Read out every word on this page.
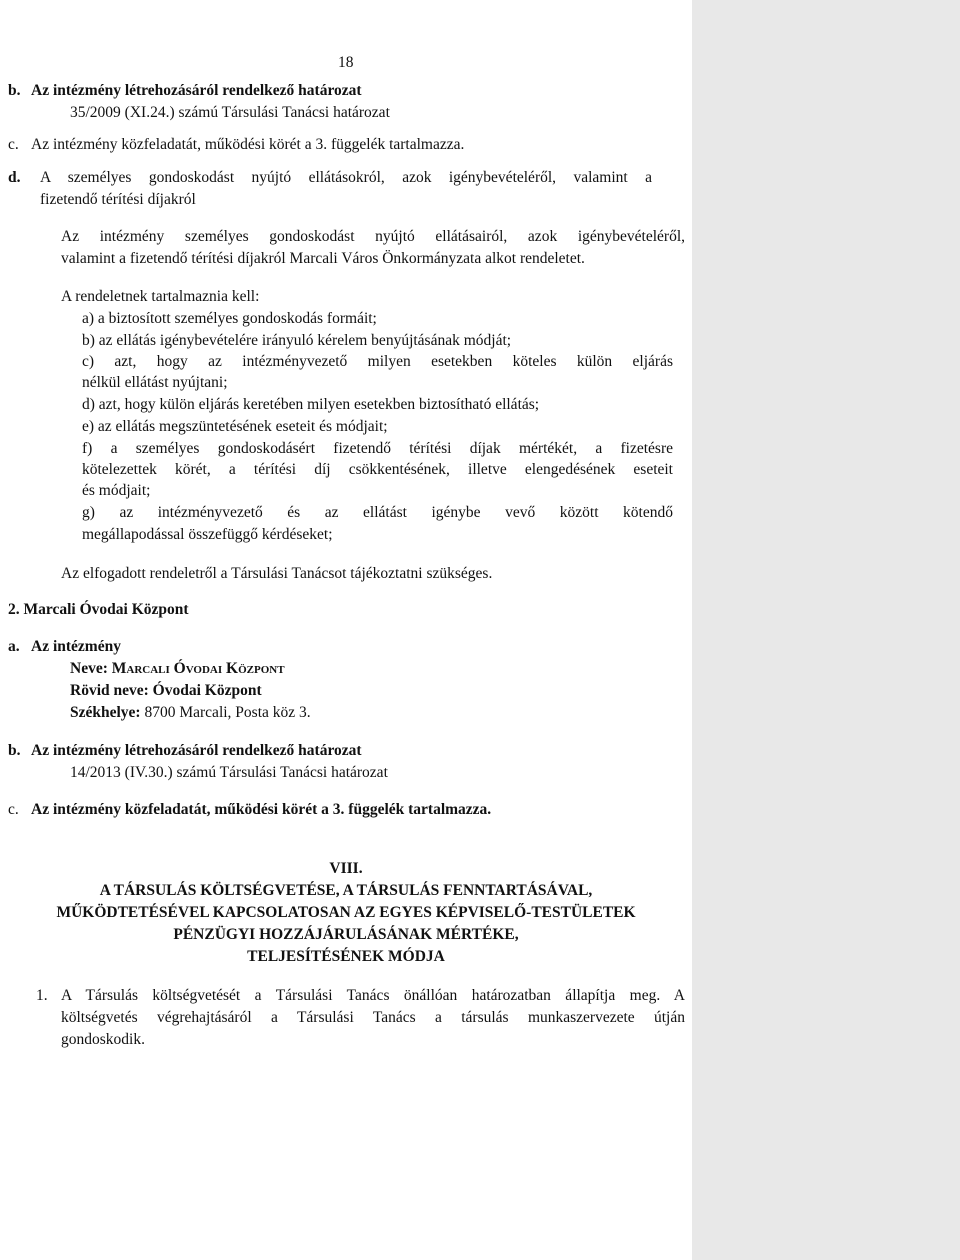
18
b. Az intézmény létrehozásáról rendelkező határozat
35/2009 (XI.24.) számú Társulási Tanácsi határozat
c. Az intézmény közfeladatát, működési körét a 3. függelék tartalmazza.
d. A személyes gondoskodást nyújtó ellátásokról, azok igénybevételéről, valamint a
fizetendő térítési díjakról
Az intézmény személyes gondoskodást nyújtó ellátásairól, azok igénybevételéről,
valamint a fizetendő térítési díjakról Marcali Város Önkormányzata alkot rendeletet.
A rendeletnek tartalmaznia kell:
a) a biztosított személyes gondoskodás formáit;
b) az ellátás igénybevételére irányuló kérelem benyújtásának módját;
c) azt, hogy az intézményvezető milyen esetekben köteles külön eljárás
nélkül ellátást nyújtani;
d) azt, hogy külön eljárás keretében milyen esetekben biztosítható ellátás;
e) az ellátás megszüntetésének eseteit és módjait;
f) a személyes gondoskodásért fizetendő térítési díjak mértékét, a fizetésre
kötelezettek körét, a térítési díj csökkentésének, illetve elengedésének eseteit
és módjait;
g) az intézményvezető és az ellátást igénybe vevő között kötendő
megállapodással összefüggő kérdéseket;
Az elfogadott rendeletről a Társulási Tanácsot tájékoztatni szükséges.
2. Marcali Óvodai Központ
a. Az intézmény
Neve: Marcali Óvodai Központ
Rövid neve: Óvodai Központ
Székhelye: 8700 Marcali, Posta köz 3.
b. Az intézmény létrehozásáról rendelkező határozat
14/2013 (IV.30.) számú Társulási Tanácsi határozat
c. Az intézmény közfeladatát, működési körét a 3. függelék tartalmazza.
VIII.
A TÁRSULÁS KÖLTSÉGVETÉSE, A TÁRSULÁS FENNTARTÁSÁVAL,
MŰKÖDTETÉSÉVEL KAPCSOLATOSAN AZ EGYES KÉPVISELŐ-TESTÜLETEK
PÉNZÜGYI HOZZÁJÁRULÁSÁNAK MÉRTÉKE,
TELJESÍTÉSÉNEK MÓDJA
1. A Társulás költségvetését a Társulási Tanács önállóan határozatban állapítja meg. A
költségvetés végrehajtásáról a Társulási Tanács a társulás munkaszervezete útján
gondoskodik.
